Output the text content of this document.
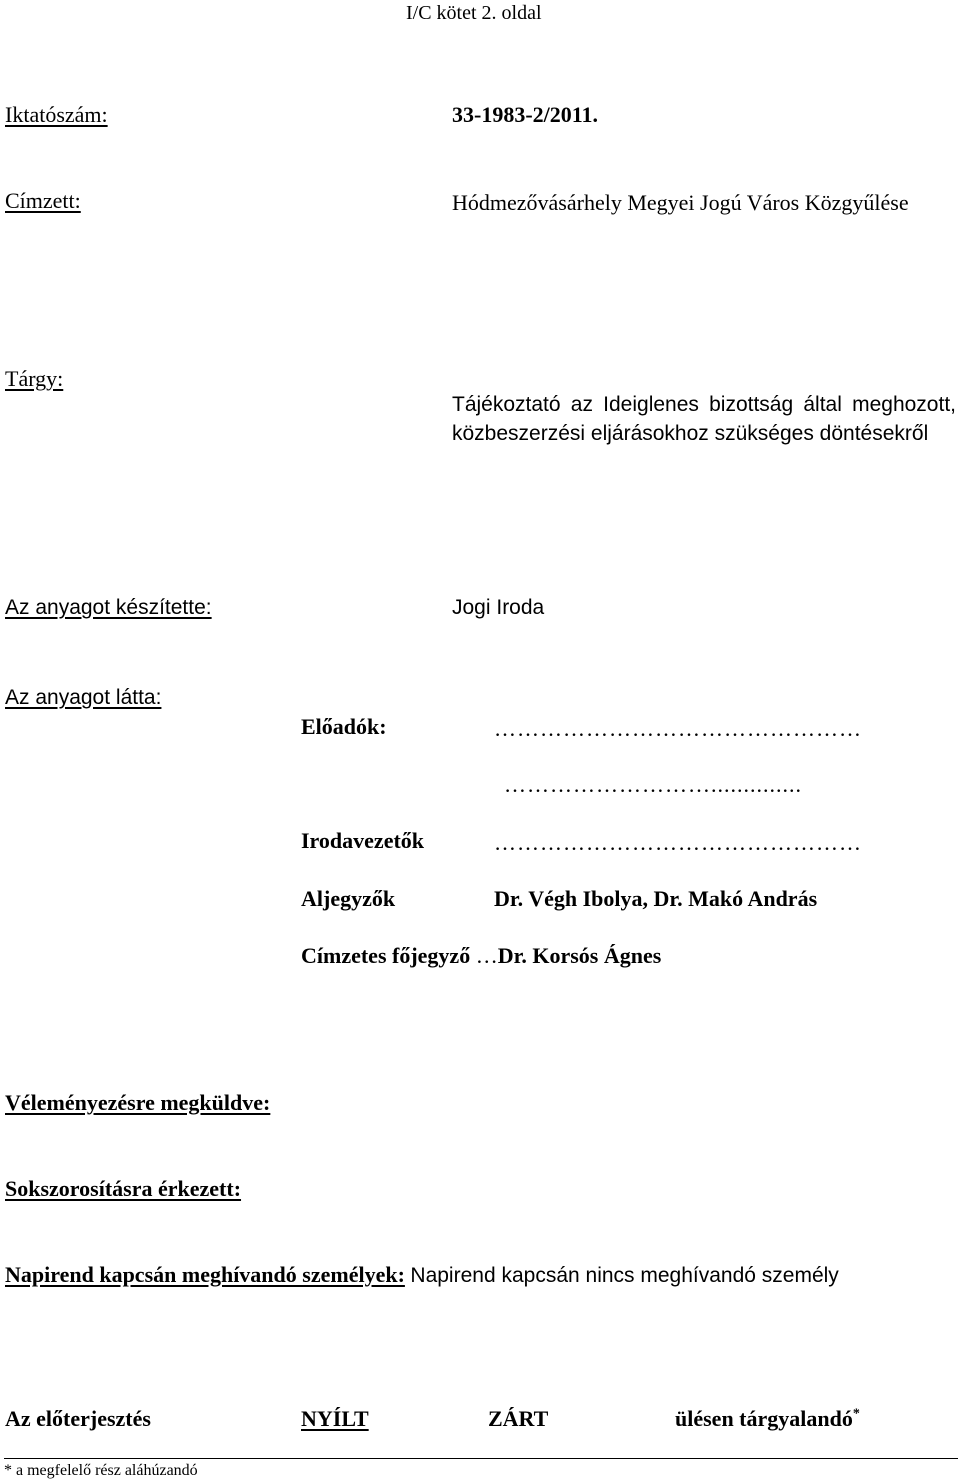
I/C kötet 2. oldal
Iktatószám:	33-1983-2/2011.
Címzett:	Hódmezővásárhely Megyei Jogú Város Közgyűlése
Tárgy:
Tájékoztató az Ideiglenes bizottság által meghozott, közbeszerzési eljárásokhoz szükséges döntésekről
Az anyagot készítette:	Jogi Iroda
Az anyagot látta:
Előadók:	…………………………………………
………………………..............
Irodavezetők	…………………………………………
Aljegyzők	Dr. Végh Ibolya, Dr. Makó András
Címzetes főjegyző …Dr. Korsós Ágnes
Véleményezésre megküldve:
Sokszorosításra érkezett:
Napirend kapcsán meghívandó személyek: Napirend kapcsán nincs meghívandó személy
Az előterjesztés	NYÍLT	ZÁRT	ülésen tárgyalandó*
* a megfelelő rész aláhúzandó
